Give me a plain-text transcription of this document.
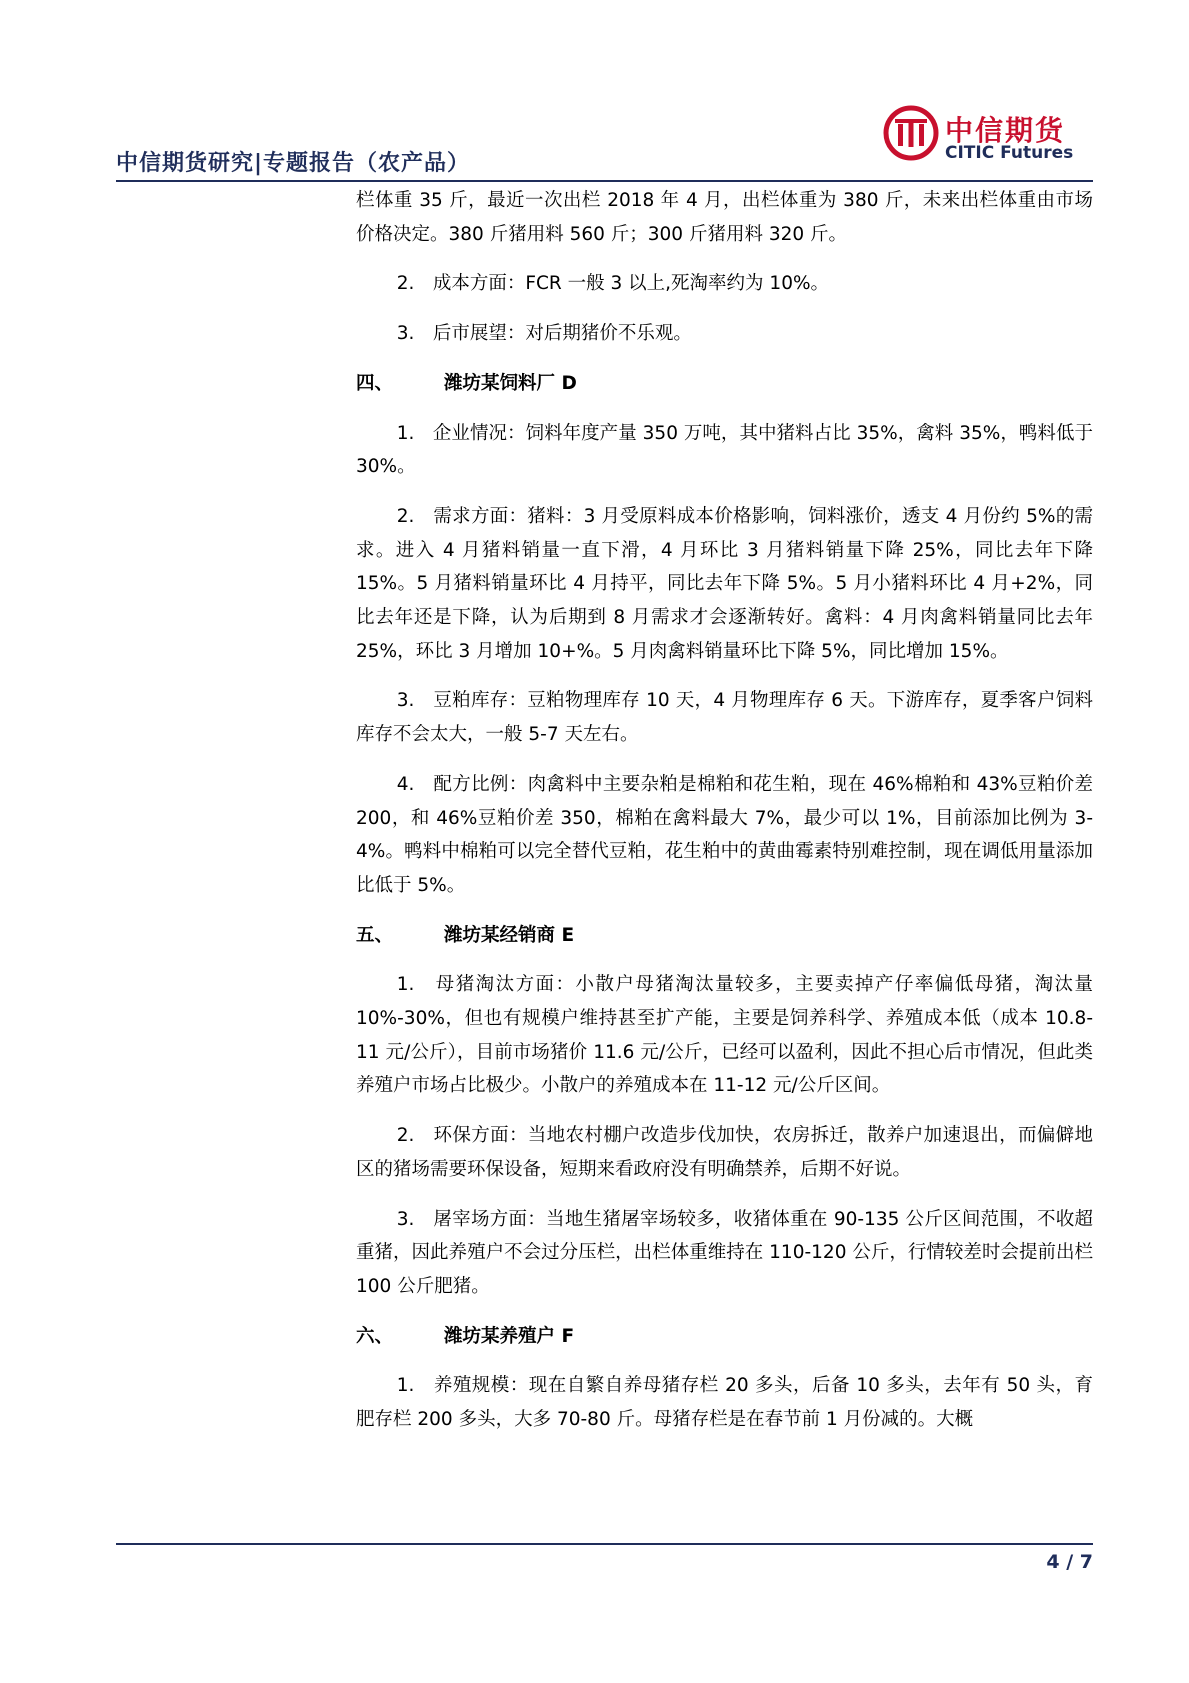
中信期货研究|专题报告（农产品）
中信期货
CITIC Futures

栏体重 35 斤，最近一次出栏 2018 年 4 月，出栏体重为 380 斤，未来出栏体重由市场价格决定。380 斤猪用料 560 斤；300 斤猪用料 320 斤。

2.　成本方面：FCR 一般 3 以上,死淘率约为 10%。

3.　后市展望：对后期猪价不乐观。

四、	潍坊某饲料厂 D

1.　企业情况：饲料年度产量 350 万吨，其中猪料占比 35%，禽料 35%，鸭料低于 30%。

2.　需求方面：猪料：3 月受原料成本价格影响，饲料涨价，透支 4 月份约 5%的需求。进入 4 月猪料销量一直下滑，4 月环比 3 月猪料销量下降 25%，同比去年下降 15%。5 月猪料销量环比 4 月持平，同比去年下降 5%。5 月小猪料环比 4 月+2%，同比去年还是下降，认为后期到 8 月需求才会逐渐转好。禽料：4 月肉禽料销量同比去年 25%，环比 3 月增加 10+%。5 月肉禽料销量环比下降 5%，同比增加 15%。

3.　豆粕库存：豆粕物理库存 10 天，4 月物理库存 6 天。下游库存，夏季客户饲料库存不会太大，一般 5-7 天左右。

4.　配方比例：肉禽料中主要杂粕是棉粕和花生粕，现在 46%棉粕和 43%豆粕价差 200，和 46%豆粕价差 350，棉粕在禽料最大 7%，最少可以 1%，目前添加比例为 3-4%。鸭料中棉粕可以完全替代豆粕，花生粕中的黄曲霉素特别难控制，现在调低用量添加比低于 5%。

五、	潍坊某经销商 E

1.　母猪淘汰方面：小散户母猪淘汰量较多，主要卖掉产仔率偏低母猪，淘汰量 10%-30%，但也有规模户维持甚至扩产能，主要是饲养科学、养殖成本低（成本 10.8-11 元/公斤），目前市场猪价 11.6 元/公斤，已经可以盈利，因此不担心后市情况，但此类养殖户市场占比极少。小散户的养殖成本在 11-12 元/公斤区间。

2.　环保方面：当地农村棚户改造步伐加快，农房拆迁，散养户加速退出，而偏僻地区的猪场需要环保设备，短期来看政府没有明确禁养，后期不好说。

3.　屠宰场方面：当地生猪屠宰场较多，收猪体重在 90-135 公斤区间范围，不收超重猪，因此养殖户不会过分压栏，出栏体重维持在 110-120 公斤，行情较差时会提前出栏 100 公斤肥猪。

六、	潍坊某养殖户 F

1.　养殖规模：现在自繁自养母猪存栏 20 多头，后备 10 多头，去年有 50 头，育肥存栏 200 多头，大多 70-80 斤。母猪存栏是在春节前 1 月份减的。大概

4 / 7
